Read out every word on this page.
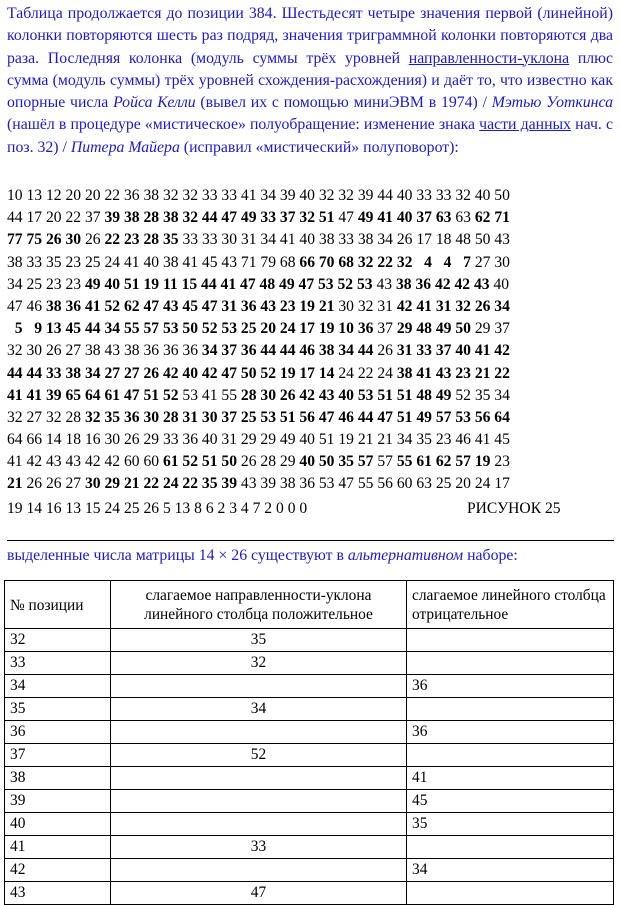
Таблица продолжается до позиции 384. Шестьдесят четыре значения первой (линейной) колонки повторяются шесть раз подряд, значения триграммной колонки повторяются два раза. Последняя колонка (модуль суммы трёх уровней направленности-уклона плюс сумма (модуль суммы) трёх уровней схождения-расхождения) и даёт то, что известно как опорные числа Ройса Келли (вывел их с помощью миниЭВМ в 1974) / Мэтью Уоткинса (нашёл в процедуре «мистическое» полуобращение: изменение знака части данных нач. с поз. 32) / Питера Майера (исправил «мистический» полуповорот):
10 13 12 20 20 22 36 38 32 32 33 33 41 34 39 40 32 32 39 44 40 33 33 32 40 50
44 17 20 22 37 39 38 28 38 32 44 47 49 33 37 32 51 47 49 41 40 37 63 63 62 71
77 75 26 30 26 22 23 28 35 33 33 30 31 34 41 40 38 33 38 34 26 17 18 48 50 43
38 33 35 23 25 24 41 40 38 41 45 43 71 79 68 66 70 68 32 22 32   4   4   7 27 30
34 25 23 23 49 40 51 19 11 15 44 41 47 48 49 47 53 52 53 43 38 36 42 42 43 40
47 46 38 36 41 52 62 47 43 45 47 31 36 43 23 19 21 30 32 31 42 41 31 32 26 34
5   9 13 45 44 34 55 57 53 50 52 53 25 20 24 17 19 10 36 37 29 48 49 50 29 37
32 30 26 27 38 43 38 36 36 36 34 37 36 44 44 46 38 34 44 26 31 33 37 40 41 42
44 44 33 38 34 27 27 26 42 40 42 47 50 52 19 17 14 24 22 24 38 41 43 23 21 22
41 41 39 65 64 61 47 51 52 53 41 55 28 30 26 42 43 40 53 51 51 48 49 52 35 34
32 27 32 28 32 35 36 30 28 31 30 37 25 53 51 56 47 46 44 47 51 49 57 53 56 64
64 66 14 18 16 30 26 29 33 36 40 31 29 29 49 40 51 19 21 21 34 35 23 46 41 45
41 42 43 43 42 42 60 60 61 52 51 50 26 28 29 40 50 35 57 57 55 61 62 57 19 23
21 26 26 27 30 29 21 22 24 22 35 39 43 39 38 36 53 47 55 56 60 63 25 20 24 17
19 14 16 13 15 24 25 26 5 13 8 6 2 3 4 7 2 0 0 0	РИСУНОК 25
выделенные числа матрицы 14 × 26 существуют в альтернативном наборе:
№ позиции	слагаемое направленности-уклона линейного столбца положительное	слагаемое линейного столбца отрицательное
32	35	
33	32	
34		36
35	34	
36		36
37	52	
38		41
39		45
40		35
41	33	
42		34
43	47	
